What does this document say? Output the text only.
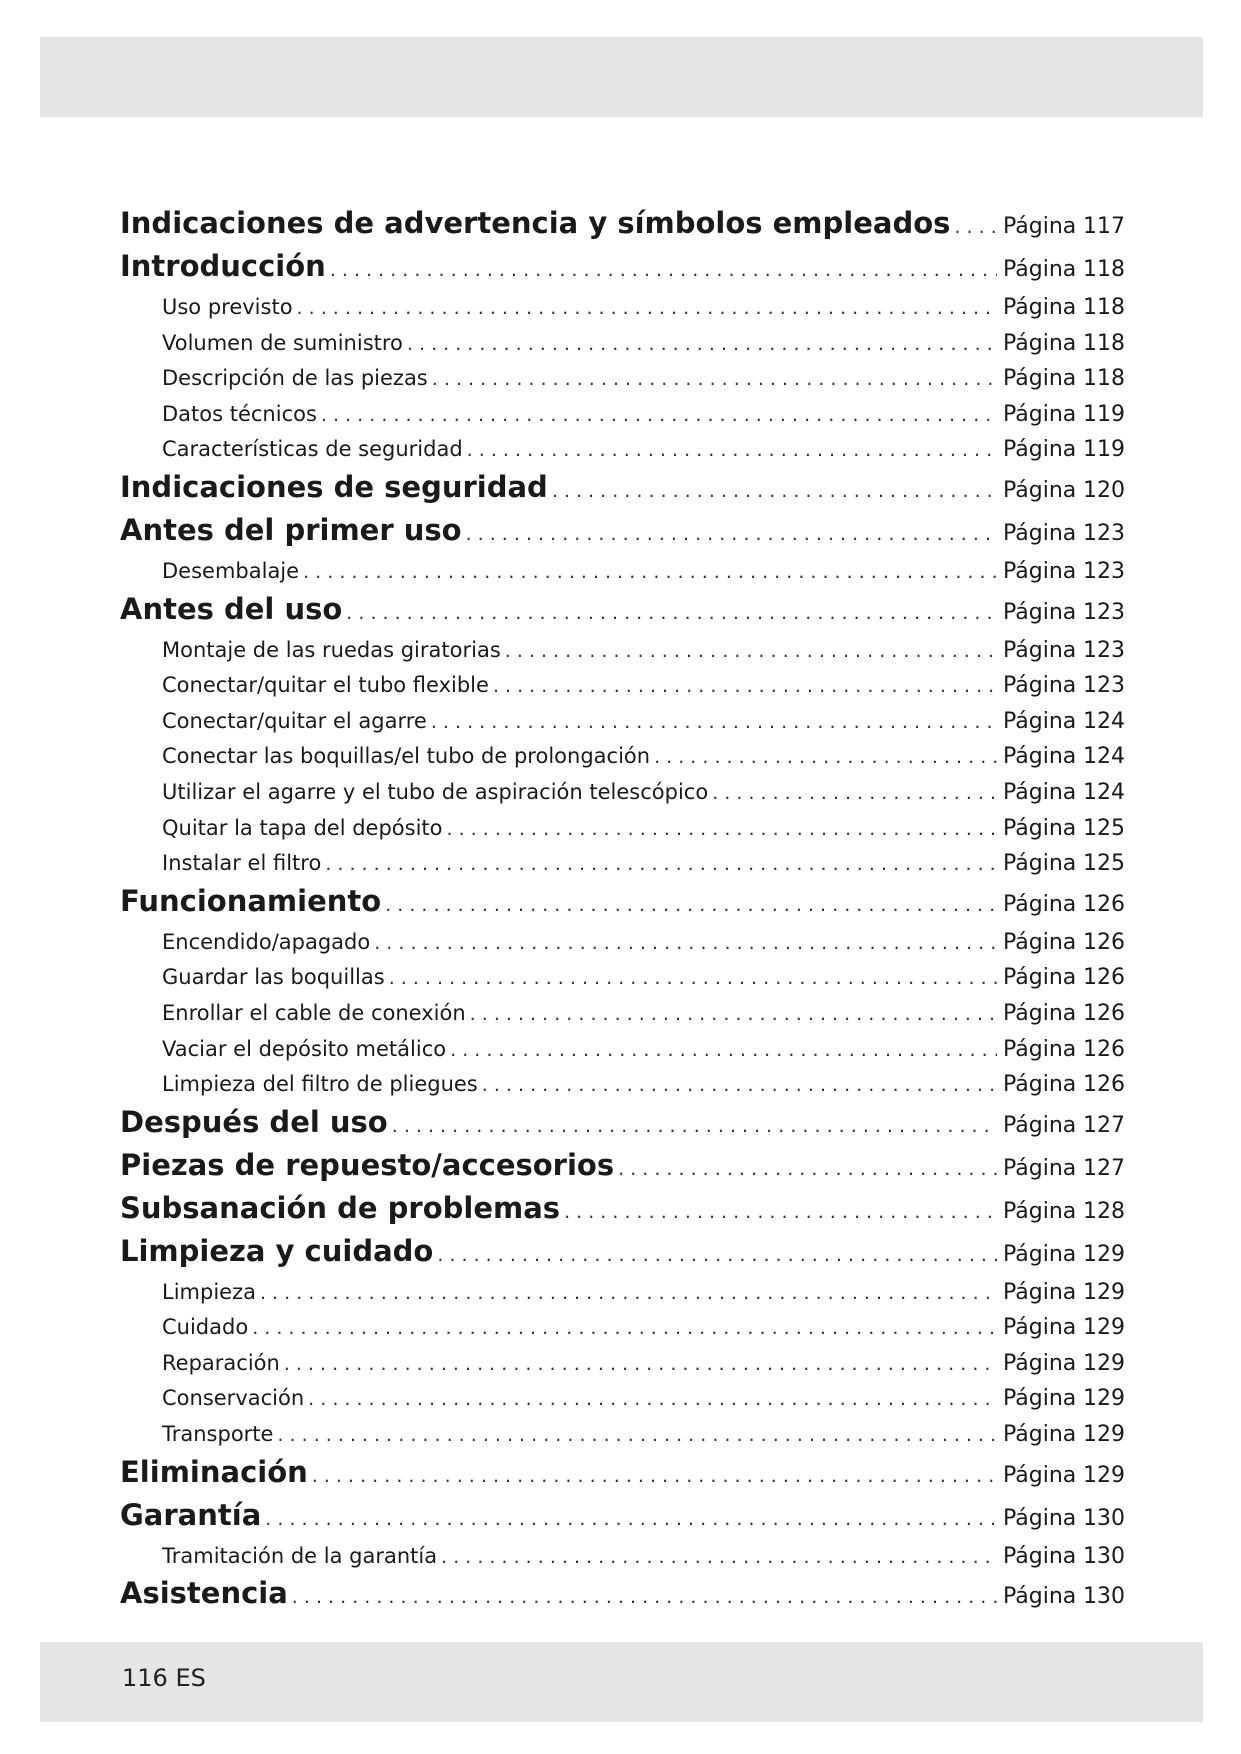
Indicaciones de advertencia y símbolos empleados . . . Página 117
Introducción . . .	Página 118
Uso previsto . . .	Página 118
Volumen de suministro . . .	Página 118
Descripción de las piezas . . .	Página 118
Datos técnicos . . .	Página 119
Características de seguridad . . .	Página 119
Indicaciones de seguridad . . .	Página 120
Antes del primer uso . . .	Página 123
Desembalaje . . .	Página 123
Antes del uso . . .	Página 123
Montaje de las ruedas giratorias . . .	Página 123
Conectar/quitar el tubo flexible . . .	Página 123
Conectar/quitar el agarre . . .	Página 124
Conectar las boquillas/el tubo de prolongación . . .	Página 124
Utilizar el agarre y el tubo de aspiración telescópico . . .	Página 124
Quitar la tapa del depósito . . .	Página 125
Instalar el filtro . . .	Página 125
Funcionamiento . . .	Página 126
Encendido/apagado . . .	Página 126
Guardar las boquillas . . .	Página 126
Enrollar el cable de conexión . . .	Página 126
Vaciar el depósito metálico . . .	Página 126
Limpieza del filtro de pliegues . . .	Página 126
Después del uso . . .	Página 127
Piezas de repuesto/accesorios . . .	Página 127
Subsanación de problemas . . .	Página 128
Limpieza y cuidado . . .	Página 129
Limpieza . . .	Página 129
Cuidado . . .	Página 129
Reparación . . .	Página 129
Conservación . . .	Página 129
Transporte . . .	Página 129
Eliminación . . .	Página 129
Garantía . . .	Página 130
Tramitación de la garantía . . .	Página 130
Asistencia . . .	Página 130
116 ES
